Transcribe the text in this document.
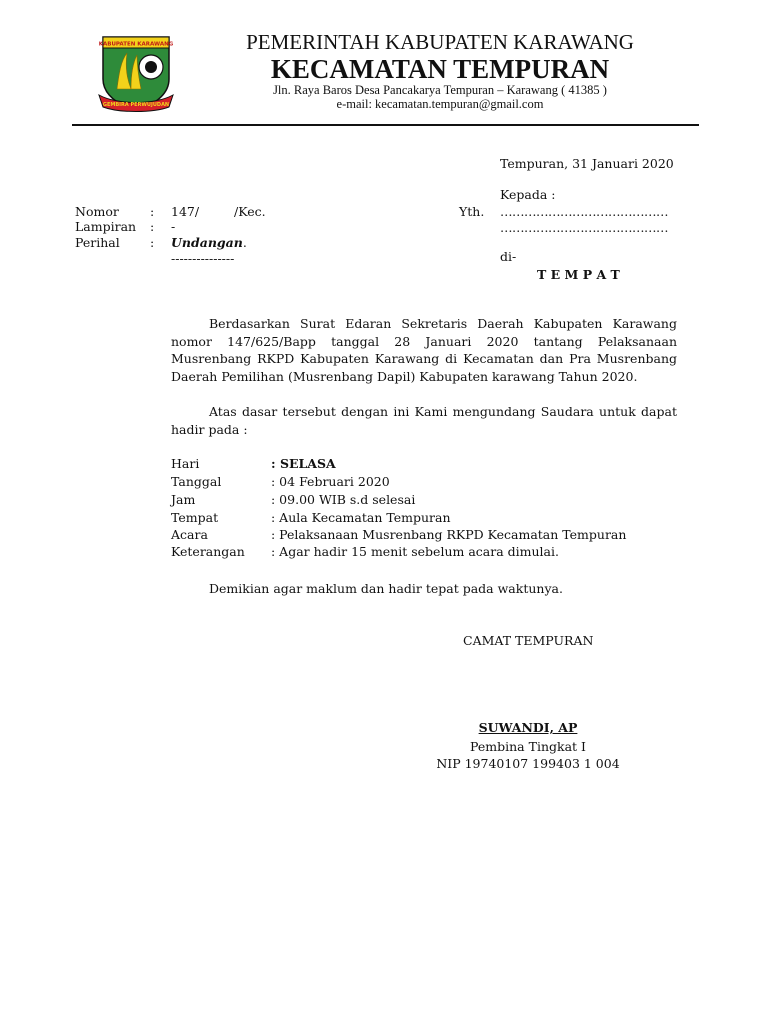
KABUPATEN KARAWANG
GEMBIRA PERWUJUDAN
PEMERINTAH KABUPATEN KARAWANG
KECAMATAN TEMPURAN
Jln. Raya Baros Desa Pancakarya Tempuran – Karawang ( 41385 )
e-mail: kecamatan.tempuran@gmail.com
Tempuran, 31 Januari 2020
Kepada :
Yth. ……………………………………
……………………………………
di-
T E M P A T
Nomor : 147/	/Kec.
Lampiran : -
Perihal : Undangan.
---------------
Berdasarkan Surat Edaran Sekretaris Daerah Kabupaten Karawang nomor 147/625/Bapp tanggal 28 Januari 2020 tantang Pelaksanaan Musrenbang RKPD Kabupaten Karawang di Kecamatan dan Pra Musrenbang Daerah Pemilihan (Musrenbang Dapil) Kabupaten karawang Tahun 2020.
Atas dasar tersebut dengan ini Kami mengundang Saudara untuk dapat hadir pada :
Hari	: SELASA
Tanggal	: 04 Februari 2020
Jam	: 09.00 WIB s.d selesai
Tempat	: Aula Kecamatan Tempuran
Acara	: Pelaksanaan Musrenbang RKPD Kecamatan Tempuran
Keterangan : Agar hadir 15 menit sebelum acara dimulai.
Demikian agar maklum dan hadir tepat pada waktunya.
CAMAT TEMPURAN
SUWANDI, AP
Pembina Tingkat I
NIP 19740107 199403 1 004
